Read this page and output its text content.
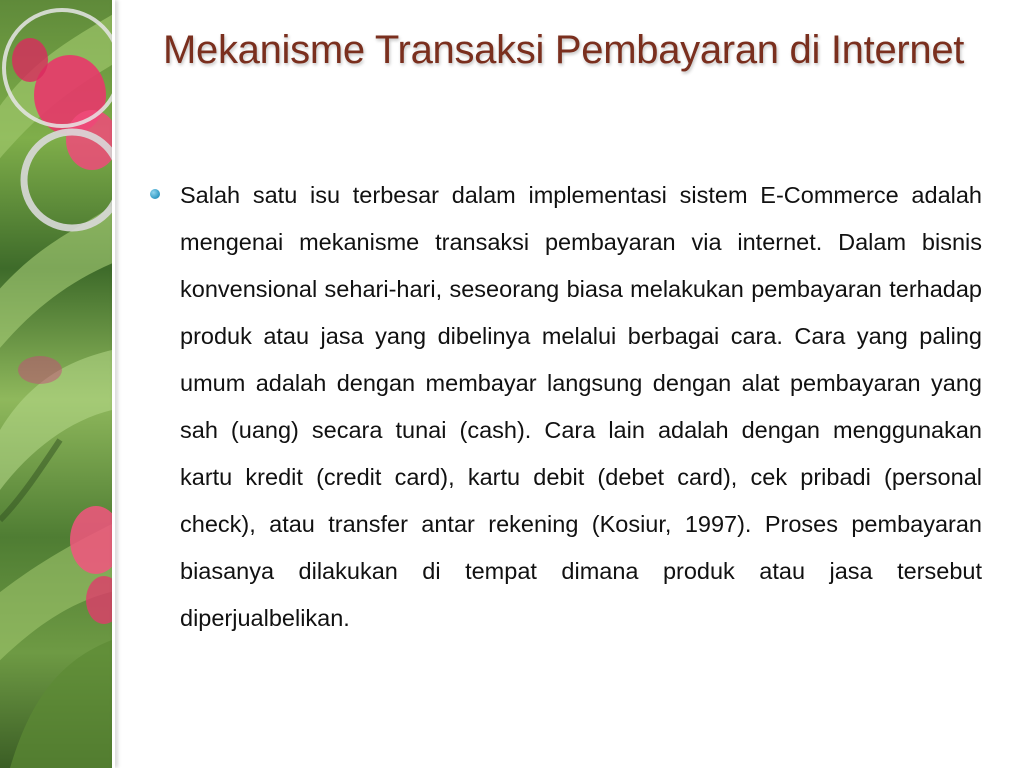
Mekanisme Transaksi Pembayaran di Internet
Salah satu isu terbesar dalam implementasi sistem E-Commerce adalah mengenai mekanisme transaksi pembayaran via internet. Dalam bisnis konvensional sehari-hari, seseorang biasa melakukan pembayaran terhadap produk atau jasa yang dibelinya melalui berbagai cara. Cara yang paling umum adalah dengan membayar langsung dengan alat pembayaran yang sah (uang) secara tunai (cash). Cara lain adalah dengan menggunakan kartu kredit (credit card), kartu debit (debet card), cek pribadi (personal check), atau transfer antar rekening (Kosiur, 1997). Proses pembayaran biasanya dilakukan di tempat dimana produk atau jasa tersebut diperjualbelikan.
